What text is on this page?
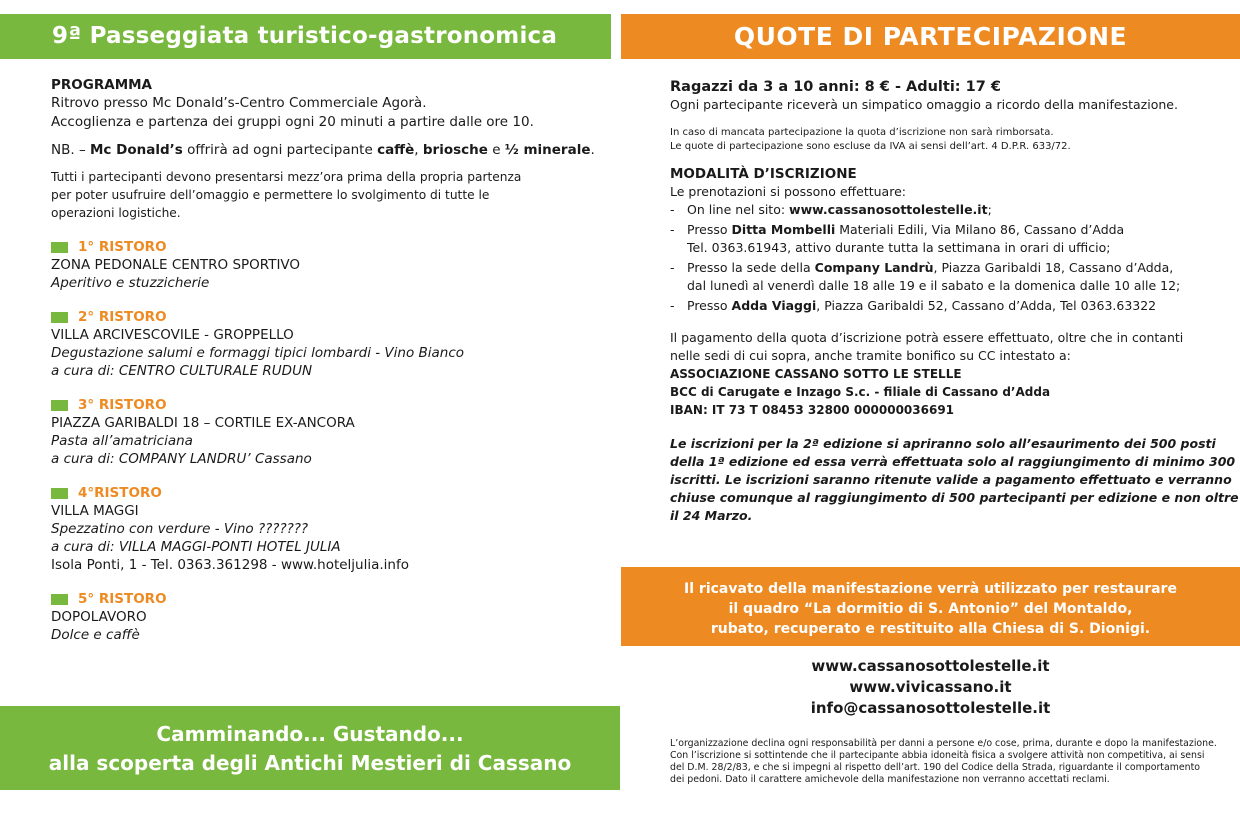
9ª Passeggiata turistico-gastronomica
PROGRAMMA
Ritrovo presso Mc Donald’s-Centro Commerciale Agorà.
Accoglienza e partenza dei gruppi ogni 20 minuti a partire dalle ore 10.
NB. – Mc Donald’s offrirà ad ogni partecipante caffè, briosche e ½ minerale.
Tutti i partecipanti devono presentarsi mezz’ora prima della propria partenza
per poter usufruire dell’omaggio e permettere lo svolgimento di tutte le
operazioni logistiche.
1° RISTORO
ZONA PEDONALE CENTRO SPORTIVO
Aperitivo e stuzzicherie
2° RISTORO
VILLA ARCIVESCOVILE - GROPPELLO
Degustazione salumi e formaggi tipici lombardi - Vino Bianco
a cura di: CENTRO CULTURALE RUDUN
3° RISTORO
PIAZZA GARIBALDI 18 – CORTILE EX-ANCORA
Pasta all’amatriciana
a cura di: COMPANY LANDRU’ Cassano
4°RISTORO
VILLA MAGGI
Spezzatino con verdure - Vino ???????
a cura di: VILLA MAGGI-PONTI HOTEL JULIA
Isola Ponti, 1 - Tel. 0363.361298 - www.hoteljulia.info
5° RISTORO
DOPOLAVORO
Dolce e caffè
Camminando... Gustando...
alla scoperta degli Antichi Mestieri di Cassano
QUOTE DI PARTECIPAZIONE
Ragazzi da 3 a 10 anni: 8 € - Adulti: 17 €
Ogni partecipante riceverà un simpatico omaggio a ricordo della manifestazione.
In caso di mancata partecipazione la quota d’iscrizione non sarà rimborsata.
Le quote di partecipazione sono escluse da IVA ai sensi dell’art. 4 D.P.R. 633/72.
MODALITÀ D’ISCRIZIONE
Le prenotazioni si possono effettuare:
- On line nel sito: www.cassanosottolestelle.it;
- Presso Ditta Mombelli Materiali Edili, Via Milano 86, Cassano d’Adda
Tel. 0363.61943, attivo durante tutta la settimana in orari di ufficio;
- Presso la sede della Company Landrù, Piazza Garibaldi 18, Cassano d’Adda,
dal lunedì al venerdì dalle 18 alle 19 e il sabato e la domenica dalle 10 alle 12;
- Presso Adda Viaggi, Piazza Garibaldi 52, Cassano d’Adda, Tel 0363.63322
Il pagamento della quota d’iscrizione potrà essere effettuato, oltre che in contanti
nelle sedi di cui sopra, anche tramite bonifico su CC intestato a:
ASSOCIAZIONE CASSANO SOTTO LE STELLE
BCC di Carugate e Inzago S.c. - filiale di Cassano d’Adda
IBAN: IT 73 T 08453 32800 000000036691
Le iscrizioni per la 2ª edizione si apriranno solo all’esaurimento dei 500 posti
della 1ª edizione ed essa verrà effettuata solo al raggiungimento di minimo 300
iscritti. Le iscrizioni saranno ritenute valide a pagamento effettuato e verranno
chiuse comunque al raggiungimento di 500 partecipanti per edizione e non oltre
il 24 Marzo.
Il ricavato della manifestazione verrà utilizzato per restaurare
il quadro “La dormitio di S. Antonio” del Montaldo,
rubato, recuperato e restituito alla Chiesa di S. Dionigi.
www.cassanosottolestelle.it
www.vivicassano.it
info@cassanosottolestelle.it
L’organizzazione declina ogni responsabilità per danni a persone e/o cose, prima, durante e dopo la manifestazione.
Con l’iscrizione si sottintende che il partecipante abbia idoneità fisica a svolgere attività non competitiva, ai sensi
del D.M. 28/2/83, e che si impegni al rispetto dell’art. 190 del Codice della Strada, riguardante il comportamento
dei pedoni. Dato il carattere amichevole della manifestazione non verranno accettati reclami.
